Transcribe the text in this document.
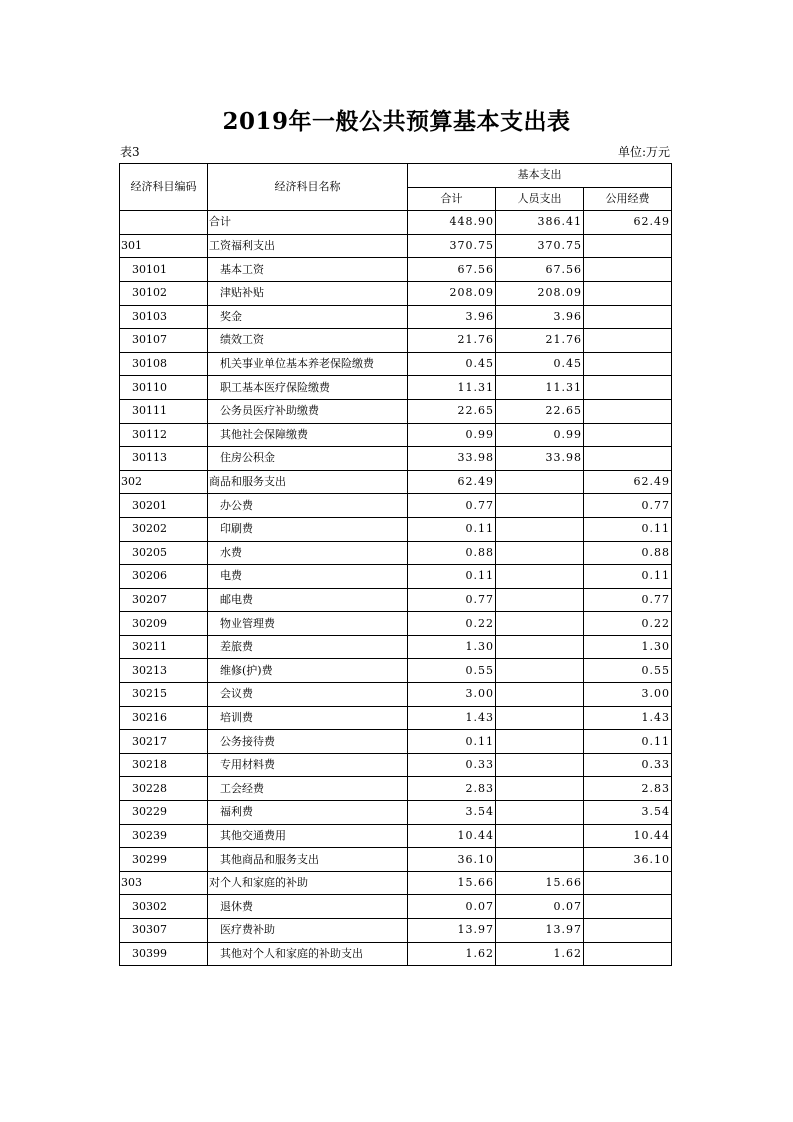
2019年一般公共预算基本支出表
表3	单位:万元
经济科目编码	经济科目名称	基本支出		
		合计	人员支出	公用经费
	合计	448.90	386.41	62.49
301	工资福利支出	370.75	370.75	
30101	基本工资	67.56	67.56	
30102	津贴补贴	208.09	208.09	
30103	奖金	3.96	3.96	
30107	绩效工资	21.76	21.76	
30108	机关事业单位基本养老保险缴费	0.45	0.45	
30110	职工基本医疗保险缴费	11.31	11.31	
30111	公务员医疗补助缴费	22.65	22.65	
30112	其他社会保障缴费	0.99	0.99	
30113	住房公积金	33.98	33.98	
302	商品和服务支出	62.49		62.49
30201	办公费	0.77		0.77
30202	印刷费	0.11		0.11
30205	水费	0.88		0.88
30206	电费	0.11		0.11
30207	邮电费	0.77		0.77
30209	物业管理费	0.22		0.22
30211	差旅费	1.30		1.30
30213	维修(护)费	0.55		0.55
30215	会议费	3.00		3.00
30216	培训费	1.43		1.43
30217	公务接待费	0.11		0.11
30218	专用材料费	0.33		0.33
30228	工会经费	2.83		2.83
30229	福利费	3.54		3.54
30239	其他交通费用	10.44		10.44
30299	其他商品和服务支出	36.10		36.10
303	对个人和家庭的补助	15.66	15.66	
30302	退休费	0.07	0.07	
30307	医疗费补助	13.97	13.97	
30399	其他对个人和家庭的补助支出	1.62	1.62	
